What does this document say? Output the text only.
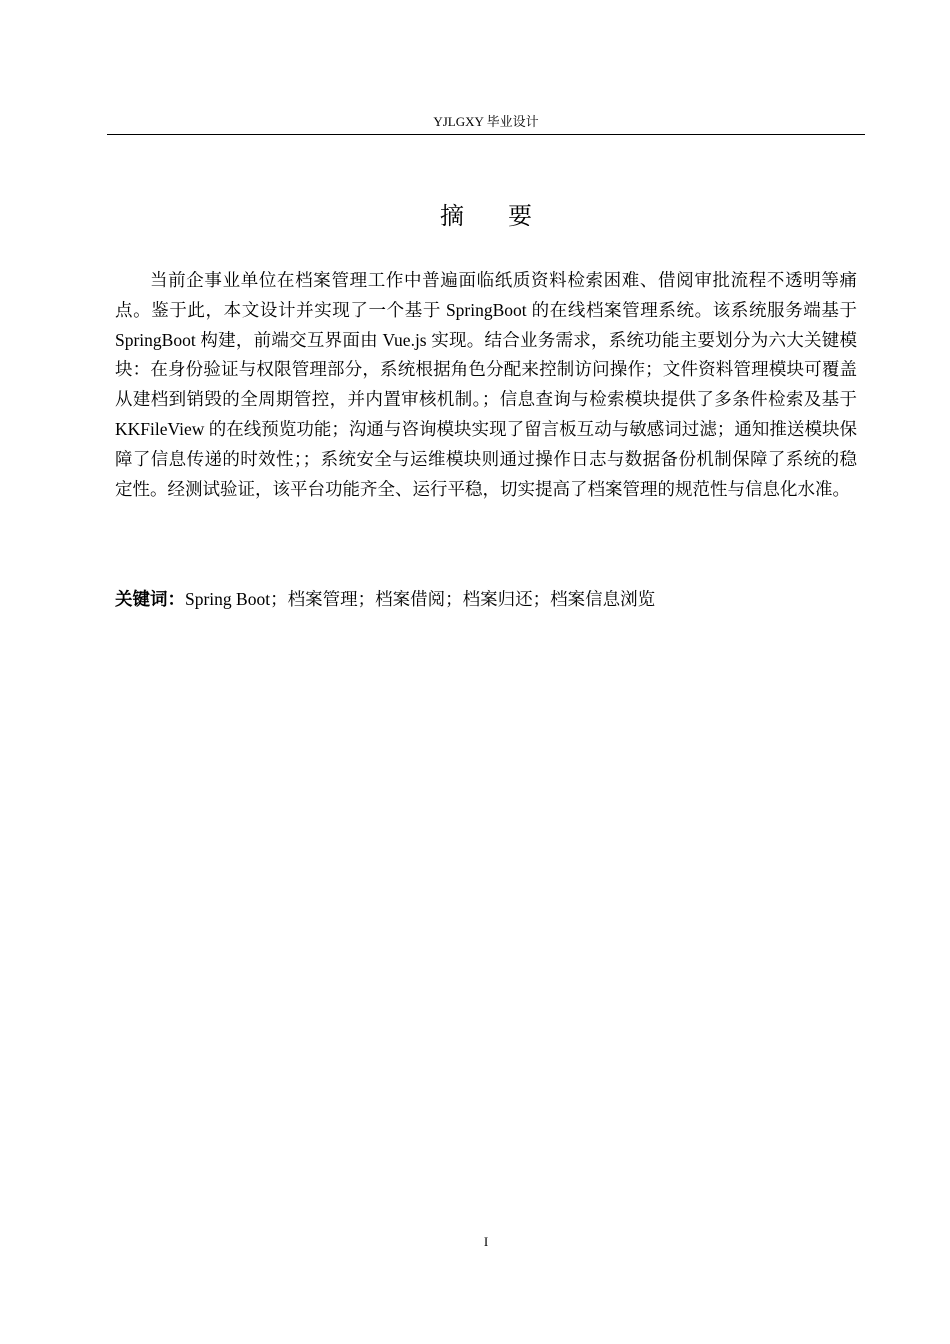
YJLGXY 毕业设计
摘要

当前企事业单位在档案管理工作中普遍面临纸质资料检索困难、借阅审批流程不透明等痛点。鉴于此，本文设计并实现了一个基于 SpringBoot 的在线档案管理系统。该系统服务端基于 SpringBoot 构建，前端交互界面由 Vue.js 实现。结合业务需求，系统功能主要划分为六大关键模块：在身份验证与权限管理部分，系统根据角色分配来控制访问操作；文件资料管理模块可覆盖从建档到销毁的全周期管控，并内置审核机制。；信息查询与检索模块提供了多条件检索及基于 KKFileView 的在线预览功能；沟通与咨询模块实现了留言板互动与敏感词过滤；通知推送模块保障了信息传递的时效性；；系统安全与运维模块则通过操作日志与数据备份机制保障了系统的稳定性。经测试验证，该平台功能齐全、运行平稳，切实提高了档案管理的规范性与信息化水准。

关键词：Spring Boot；档案管理；档案借阅；档案归还；档案信息浏览

I
